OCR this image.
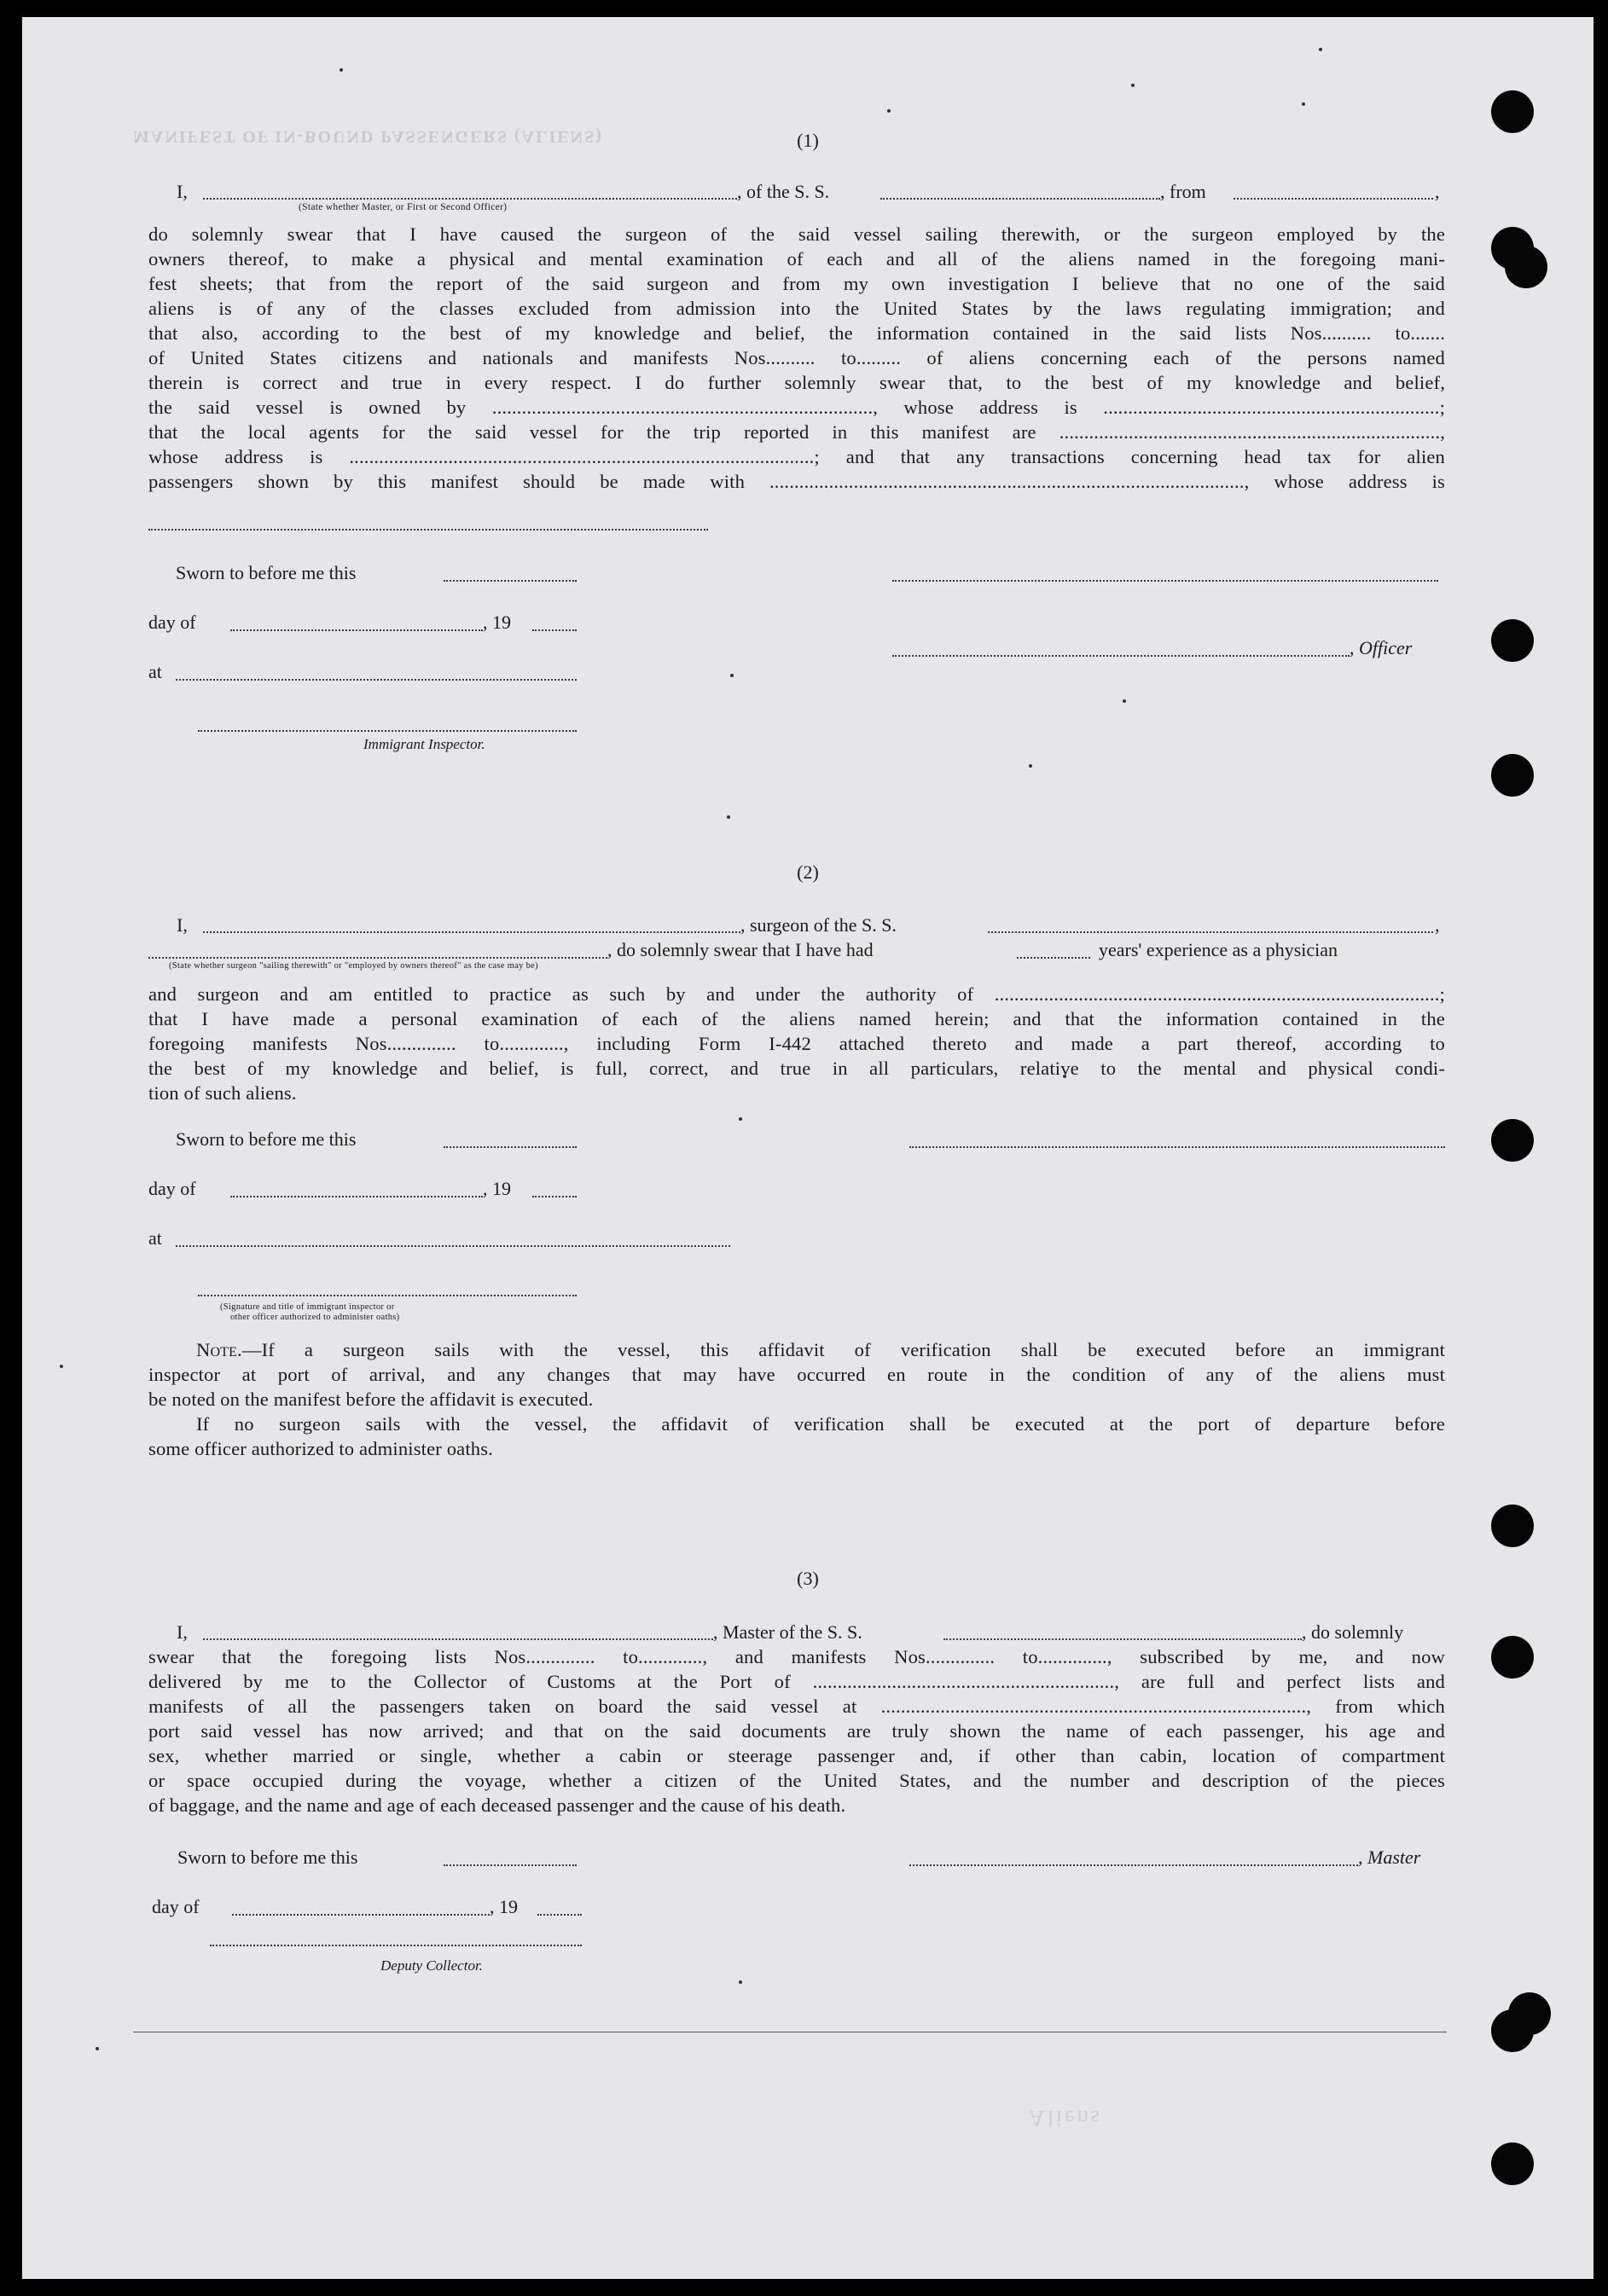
MANIFEST OF IN-BOUND PASSENGERS (ALIENS)
Aliens
(1)
I,	, of the S. S.	, from	,
(State whether Master, or First or Second Officer)
do solemnly swear that I have caused the surgeon of the said vessel sailing therewith, or the surgeon employed by the
owners thereof, to make a physical and mental examination of each and all of the aliens named in the foregoing mani-
fest sheets; that from the report of the said surgeon and from my own investigation I believe that no one of the said
aliens is of any of the classes excluded from admission into the United States by the laws regulating immigration; and
that also, according to the best of my knowledge and belief, the information contained in the said lists Nos.......... to.......
of United States citizens and nationals and manifests Nos.......... to......... of aliens concerning each of the persons named
therein is correct and true in every respect. I do further solemnly swear that, to the best of my knowledge and belief,
the said vessel is owned by ............................................................................., whose address is ....................................................................;
that the local agents for the said vessel for the trip reported in this manifest are .............................................................................,
whose address is ..............................................................................................; and that any transactions concerning head tax for alien
passengers shown by this manifest should be made with ................................................................................................, whose address is
Sworn to before me this
day of	, 19
, Officer
at
Immigrant Inspector.
(2)
I,	, surgeon of the S. S.	,
, do solemnly swear that I have had	years' experience as a physician
(State whether surgeon "sailing therewith" or "employed by owners thereof" as the case may be)
and surgeon and am entitled to practice as such by and under the authority of ..........................................................................................;
that I have made a personal examination of each of the aliens named herein; and that the information contained in the
foregoing manifests Nos.............. to............., including Form I-442 attached thereto and made a part thereof, according to
the best of my knowledge and belief, is full, correct, and true in all particulars, relative to the mental and physical condi-
tion of such aliens.
Sworn to before me this
day of	, 19
at
(Signature and title of immigrant inspector or
other officer authorized to administer oaths)
Note.—If a surgeon sails with the vessel, this affidavit of verification shall be executed before an immigrant
inspector at port of arrival, and any changes that may have occurred en route in the condition of any of the aliens must
be noted on the manifest before the affidavit is executed.
If no surgeon sails with the vessel, the affidavit of verification shall be executed at the port of departure before
some officer authorized to administer oaths.
(3)
I,	, Master of the S. S.	, do solemnly
swear that the foregoing lists Nos.............. to............., and manifests Nos.............. to.............., subscribed by me, and now
delivered by me to the Collector of Customs at the Port of ............................................................., are full and perfect lists and
manifests of all the passengers taken on board the said vessel at ......................................................................................, from which
port said vessel has now arrived; and that on the said documents are truly shown the name of each passenger, his age and
sex, whether married or single, whether a cabin or steerage passenger and, if other than cabin, location of compartment
or space occupied during the voyage, whether a citizen of the United States, and the number and description of the pieces
of baggage, and the name and age of each deceased passenger and the cause of his death.
Sworn to before me this	, Master
day of	, 19
Deputy Collector.
